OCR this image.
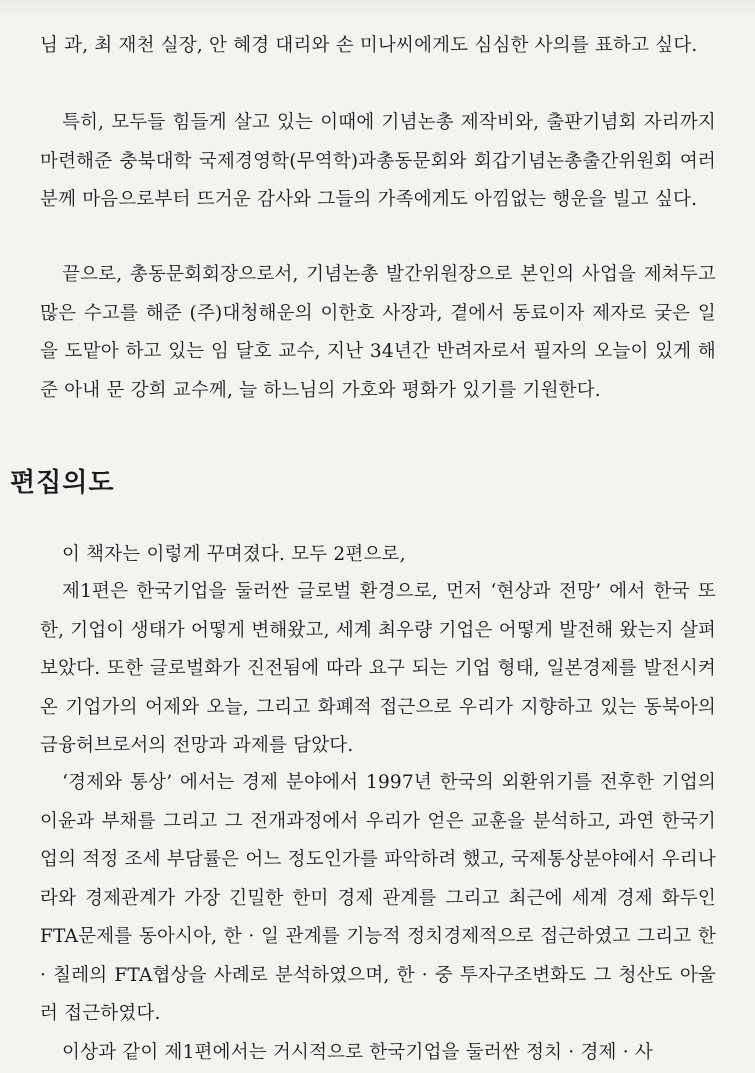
님 과, 최 재천 실장, 안 혜경 대리와 손 미나씨에게도 심심한 사의를 표하고 싶다.

특히, 모두들 힘들게 살고 있는 이때에 기념논총 제작비와, 출판기념회 자리까지 마련해준 충북대학 국제경영학(무역학)과총동문회와 회갑기념논총출간위원회 여러분께 마음으로부터 뜨거운 감사와 그들의 가족에게도 아낌없는 행운을 빌고 싶다.

끝으로, 총동문회회장으로서, 기념논총 발간위원장으로 본인의 사업을 제쳐두고 많은 수고를 해준 (주)대청해운의 이한호 사장과, 곁에서 동료이자 제자로 궂은 일을 도맡아 하고 있는 임 달호 교수, 지난 34년간 반려자로서 필자의 오늘이 있게 해 준 아내 문 강희 교수께, 늘 하느님의 가호와 평화가 있기를 기원한다.

편집의도

이 책자는 이렇게 꾸며졌다. 모두 2편으로,

제1편은 한국기업을 둘러싼 글로벌 환경으로, 먼저 ‘현상과 전망’ 에서 한국 또한, 기업이 생태가 어떻게 변해왔고, 세계 최우량 기업은 어떻게 발전해 왔는지 살펴보았다. 또한 글로벌화가 진전됨에 따라 요구 되는 기업 형태, 일본경제를 발전시켜온 기업가의 어제와 오늘, 그리고 화폐적 접근으로 우리가 지향하고 있는 동북아의 금융허브로서의 전망과 과제를 담았다.

‘경제와 통상’ 에서는 경제 분야에서 1997년 한국의 외환위기를 전후한 기업의 이윤과 부채를 그리고 그 전개과정에서 우리가 얻은 교훈을 분석하고, 과연 한국기업의 적정 조세 부담률은 어느 정도인가를 파악하려 했고, 국제통상분야에서 우리나라와 경제관계가 가장 긴밀한 한미 경제 관계를 그리고 최근에 세계 경제 화두인 FTA문제를 동아시아, 한 · 일 관계를 기능적 정치경제적으로 접근하였고 그리고 한 · 칠레의 FTA협상을 사례로 분석하였으며, 한 · 중 투자구조변화도 그 청산도 아울러 접근하였다.

이상과 같이 제1편에서는 거시적으로 한국기업을 둘러싼 정치 · 경제 · 사
